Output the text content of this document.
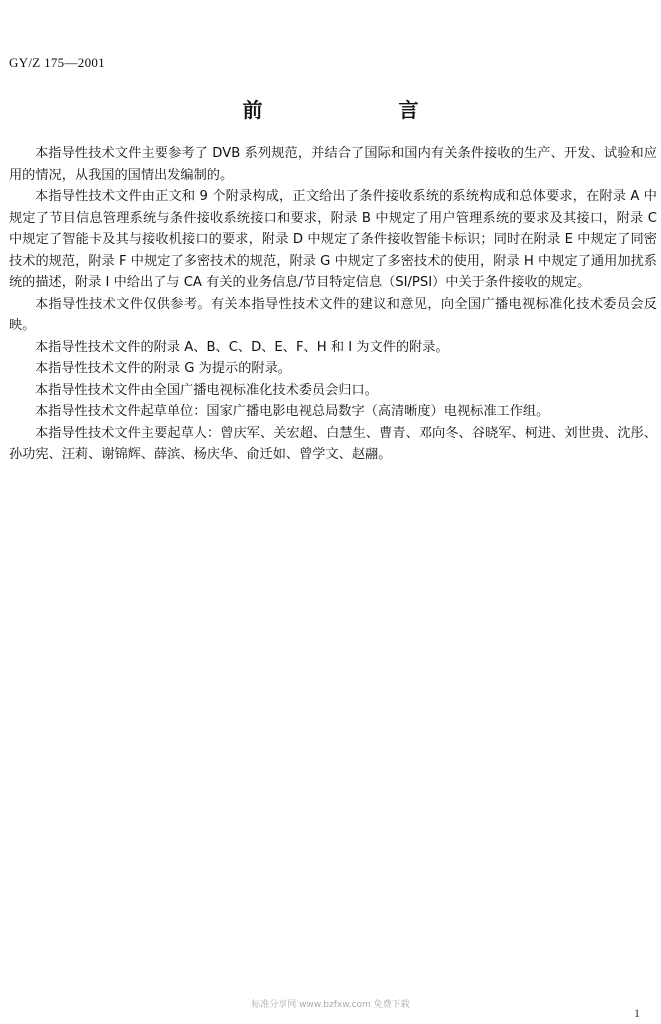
GY/Z 175—2001
前　言

本指导性技术文件主要参考了 DVB 系列规范，并结合了国际和国内有关条件接收的生产、开发、试验和应用的情况，从我国的国情出发编制的。

本指导性技术文件由正文和 9 个附录构成，正文给出了条件接收系统的系统构成和总体要求，在附录 A 中规定了节目信息管理系统与条件接收系统接口和要求，附录 B 中规定了用户管理系统的要求及其接口，附录 C 中规定了智能卡及其与接收机接口的要求，附录 D 中规定了条件接收智能卡标识；同时在附录 E 中规定了同密技术的规范，附录 F 中规定了多密技术的规范，附录 G 中规定了多密技术的使用，附录 H 中规定了通用加扰系统的描述，附录 I 中给出了与 CA 有关的业务信息/节目特定信息（SI/PSI）中关于条件接收的规定。

本指导性技术文件仅供参考。有关本指导性技术文件的建议和意见，向全国广播电视标准化技术委员会反映。

本指导性技术文件的附录 A、B、C、D、E、F、H 和 I 为文件的附录。

本指导性技术文件的附录 G 为提示的附录。

本指导性技术文件由全国广播电视标准化技术委员会归口。

本指导性技术文件起草单位：国家广播电影电视总局数字（高清晰度）电视标准工作组。

本指导性技术文件主要起草人：曾庆军、关宏超、白慧生、曹青、邓向冬、谷晓军、柯进、刘世贵、沈彤、孙功宪、汪莉、谢锦辉、薛滨、杨庆华、俞迁如、曾学文、赵翮。

标准分享网 www.bzfxw.com 免费下载
1
